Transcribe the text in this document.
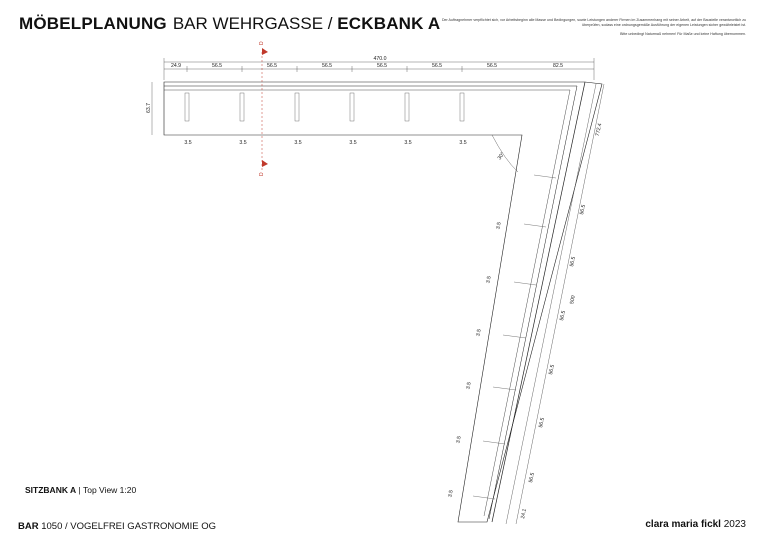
MÖBELPLANUNG BAR WEHRGASSE / ECKBANK A Der Auftragnehmer verpflichtet sich, vor Arbeitsbeginn alle Masse und Bedingungen, sowie Leistungen anderer Firmen im Zusammenhang mit seiner Arbeit, auf der Baustelle verantwortlich zu überprüfen, sodass eine ordnungsgemäße Ausführung der eigenen Leistungen sicher gewährleistet ist.

Bitte unbedingt Naturmaß nehmen! Für Maße und keine Haftung übernommen.

470.0
24.9	56.5	56.5	56.5	56.5	56.5	56.5	82.5
63.7
3.5	3.5	3.5	3.5	3.5	3.5
D
D
30°
772.4
500
56.5
56.5
56.5
56.5
56.5
56.5
24.1
3.5
3.5
3.5
3.5
3.5
3.5
SITZBANK A | Top View 1:20
BAR 1050 / VOGELFREI GASTRONOMIE OG	clara maria fickl 2023
